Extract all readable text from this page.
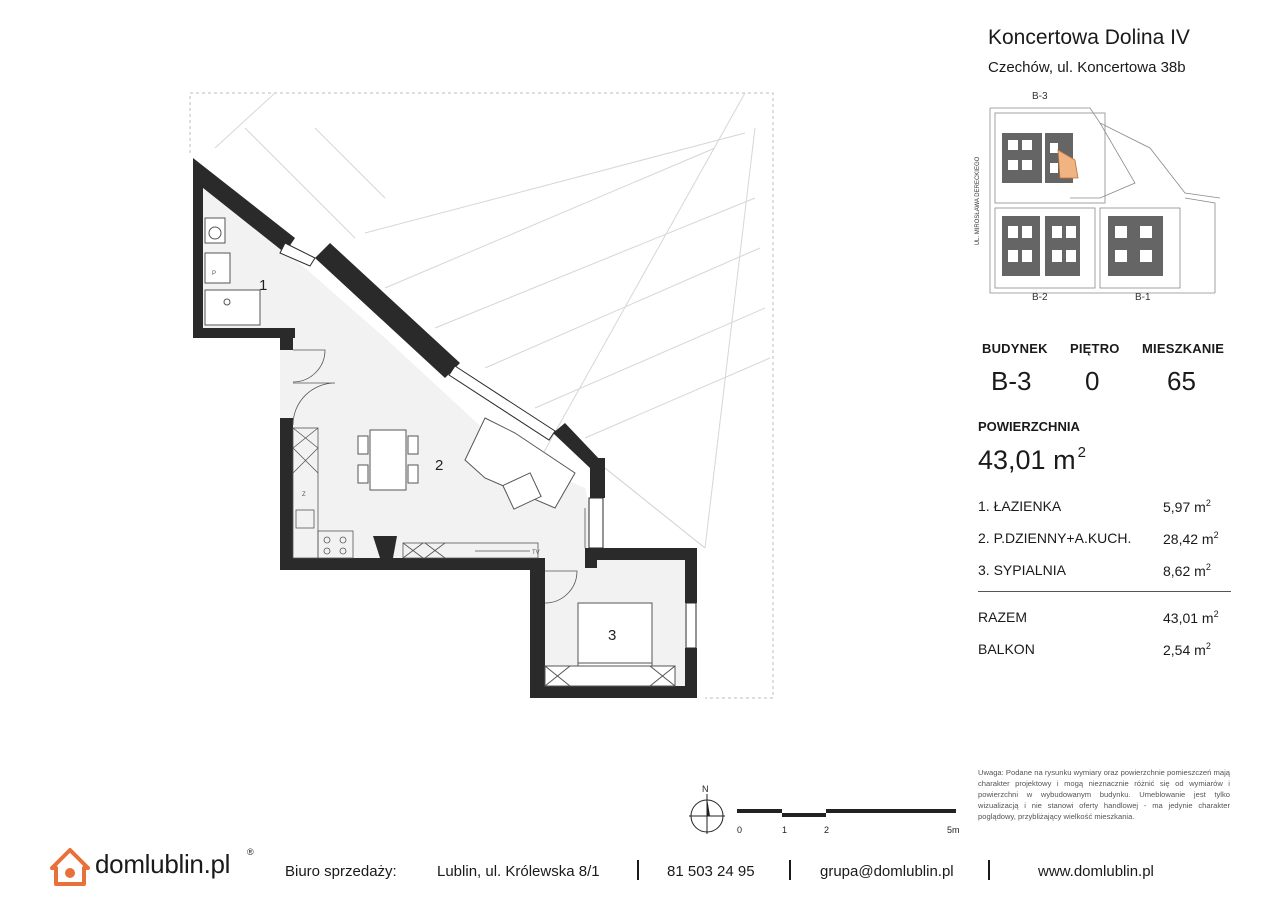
TV
P
Z
1
2
3
Koncertowa Dolina IV
Czechów, ul. Koncertowa 38b
B-3
B-2	B-1
UL. MIROSŁAWA DERECKIEGO
BUDYNEK PIĘTRO MIESZKANIE
B-3 0	65
POWIERZCHNIA
43,01 m $^2$
1. ŁAZIENKA	5,97 $m^2$
2. P.DZIENNY+A.KUCH. 28,42 $m^2$
3. SYPIALNIA	8,62 $m^2$
RAZEM	43,01 $m^2$
BALKON	2,54 $m^2$
Uwaga: Podane na rysunku wymiary oraz powierzchnie pomieszczeń mają charakter projektowy i mogą nieznacznie różnić się od wymiarów i powierzchni w wybudowanym budynku. Umeblowanie jest tylko wizualizacją i nie stanowi oferty handlowej - ma jedynie charakter poglądowy, przybliżający wielkość mieszkania.
N
0	1	2	5m
domlublin.pl ®
Biuro sprzedaży:	Lublin, ul. Królewska 8/1	81 503 24 95	grupa@domlublin.pl	www.domlublin.pl
